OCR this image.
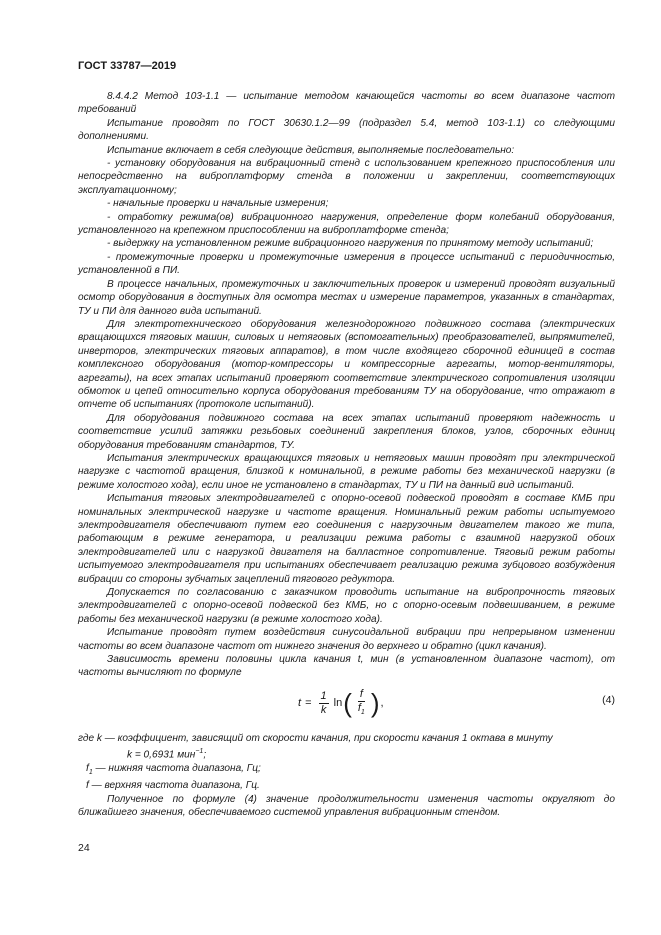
ГОСТ 33787—2019

8.4.4.2 Метод 103-1.1 — испытание методом качающейся частоты во всем диапазоне частот требований

Испытание проводят по ГОСТ 30630.1.2—99 (подраздел 5.4, метод 103-1.1) со следующими дополнениями.

Испытание включает в себя следующие действия, выполняемые последовательно:

- установку оборудования на вибрационный стенд с использованием крепежного приспособления или непосредственно на виброплатформу стенда в положении и закреплении, соответствующих эксплуатационному;

- начальные проверки и начальные измерения;

- отработку режима(ов) вибрационного нагружения, определение форм колебаний оборудования, установленного на крепежном приспособлении на виброплатформе стенда;

- выдержку на установленном режиме вибрационного нагружения по принятому методу испытаний;

- промежуточные проверки и промежуточные измерения в процессе испытаний с периодичностью, установленной в ПИ.

В процессе начальных, промежуточных и заключительных проверок и измерений проводят визуальный осмотр оборудования в доступных для осмотра местах и измерение параметров, указанных в стандартах, ТУ и ПИ для данного вида испытаний.

Для электротехнического оборудования железнодорожного подвижного состава (электрических вращающихся тяговых машин, силовых и нетяговых (вспомогательных) преобразователей, выпрямителей, инверторов, электрических тяговых аппаратов), в том числе входящего сборочной единицей в состав комплексного оборудования (мотор-компрессоры и компрессорные агрегаты, мотор-вентиляторы, агрегаты), на всех этапах испытаний проверяют соответствие электрического сопротивления изоляции обмоток и цепей относительно корпуса оборудования требованиям ТУ на оборудование, что отражают в отчете об испытаниях (протоколе испытаний).

Для оборудования подвижного состава на всех этапах испытаний проверяют надежность и соответствие усилий затяжки резьбовых соединений закрепления блоков, узлов, сборочных единиц оборудования требованиям стандартов, ТУ.

Испытания электрических вращающихся тяговых и нетяговых машин проводят при электрической нагрузке с частотой вращения, близкой к номинальной, в режиме работы без механической нагрузки (в режиме холостого хода), если иное не установлено в стандартах, ТУ и ПИ на данный вид испытаний.

Испытания тяговых электродвигателей с опорно-осевой подвеской проводят в составе КМБ при номинальных электрической нагрузке и частоте вращения. Номинальный режим работы испытуемого электродвигателя обеспечивают путем его соединения с нагрузочным двигателем такого же типа, работающим в режиме генератора, и реализации режима работы с взаимной нагрузкой обоих электродвигателей или с нагрузкой двигателя на балластное сопротивление. Тяговый режим работы испытуемого электродвигателя при испытаниях обеспечивает реализацию режима зубцового возбуждения вибрации со стороны зубчатых зацеплений тягового редуктора.

Допускается по согласованию с заказчиком проводить испытание на вибропрочность тяговых электродвигателей с опорно-осевой подвеской без КМБ, но с опорно-осевым подвешиванием, в режиме работы без механической нагрузки (в режиме холостого хода).

Испытание проводят путем воздействия синусоидальной вибрации при непрерывном изменении частоты во всем диапазоне частот от нижнего значения до верхнего и обратно (цикл качания).

Зависимость времени половины цикла качания t, мин (в установленном диапазоне частот), от частоты вычисляют по формуле

$t = \frac{1}{k}$ ln ( $\frac{f}{f_1}$ ) ,	(4)

где k — коэффициент, зависящий от скорости качания, при скорости качания 1 октава в минуту

k = 0,6931 мин$^{-1}$;

$f_1$ — нижняя частота диапазона, Гц;

f — верхняя частота диапазона, Гц.

Полученное по формуле (4) значение продолжительности изменения частоты округляют до ближайшего значения, обеспечиваемого системой управления вибрационным стендом.

24
